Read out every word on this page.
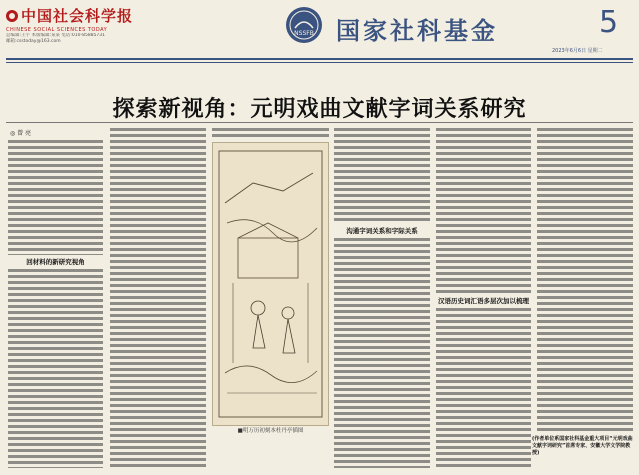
中国社会科学报
CHINESE SOCIAL SCIENCES TODAY
总编辑:王宇 本版编辑:某某 电话:010-85885731
邮箱:csstoday@163.com
NSSFB 国家社科基金	5
2023年6月6日 星期二
探索新视角：元明戏曲文献字词关系研究
◎ 曾 亮
回材料的新研究视角
■明万历初刻本杜丹亭插图
沟通字词关系和字际关系
汉语历史词汇语多层次加以梳理
(作者单位系国家社科基金重大项目“元明戏曲文献字词研究”首席专家、安徽大学文学院教授)
